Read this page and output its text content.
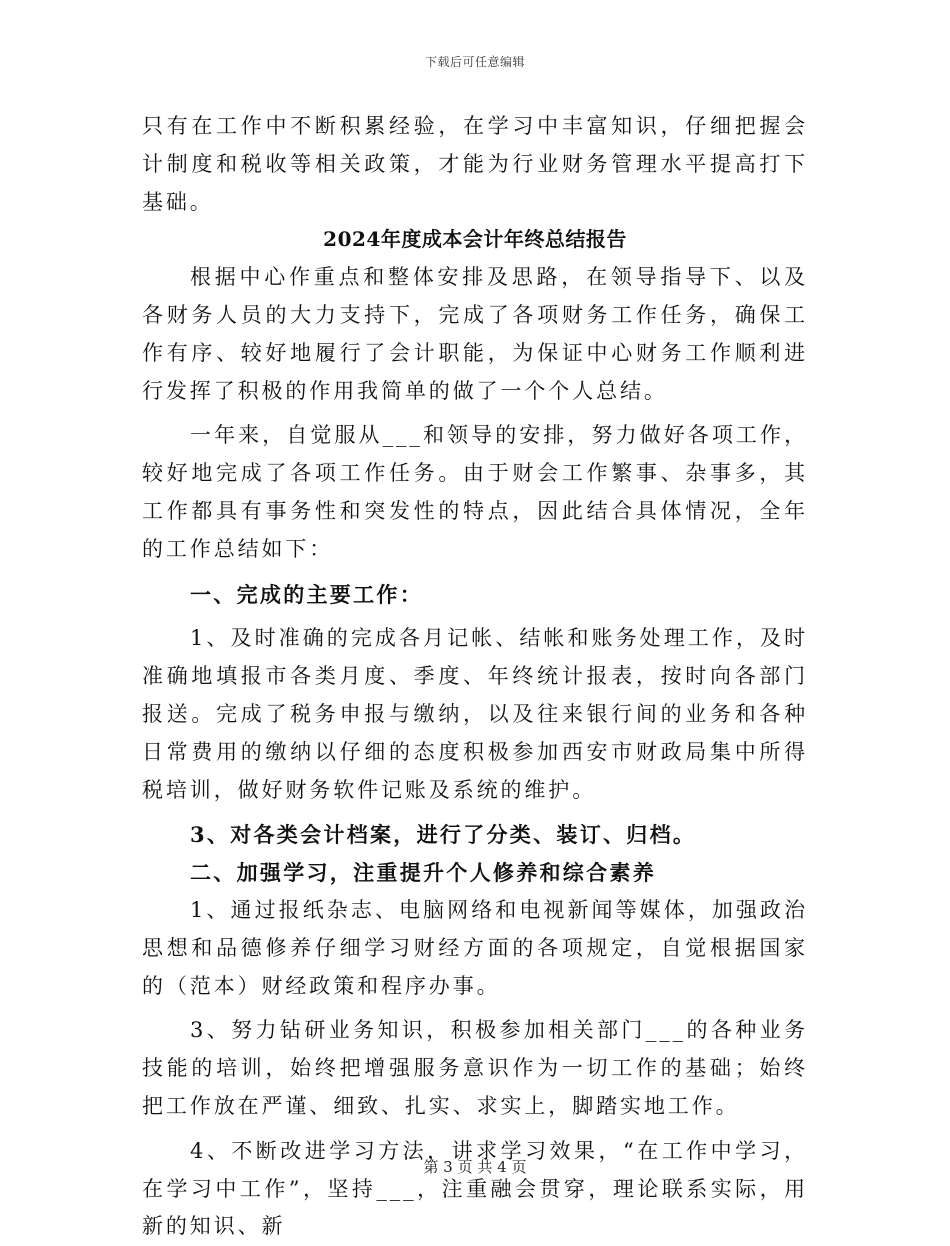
下载后可任意编辑

只有在工作中不断积累经验，在学习中丰富知识，仔细把握会计制度和税收等相关政策，才能为行业财务管理水平提高打下基础。

2024年度成本会计年终总结报告

根据中心作重点和整体安排及思路，在领导指导下、以及各财务人员的大力支持下，完成了各项财务工作任务，确保工作有序、较好地履行了会计职能，为保证中心财务工作顺利进行发挥了积极的作用我简单的做了一个个人总结。

一年来，自觉服从___和领导的安排，努力做好各项工作，较好地完成了各项工作任务。由于财会工作繁事、杂事多，其工作都具有事务性和突发性的特点，因此结合具体情况，全年的工作总结如下：

一、完成的主要工作：

1、及时准确的完成各月记帐、结帐和账务处理工作，及时准确地填报市各类月度、季度、年终统计报表，按时向各部门报送。完成了税务申报与缴纳，以及往来银行间的业务和各种日常费用的缴纳以仔细的态度积极参加西安市财政局集中所得税培训，做好财务软件记账及系统的维护。

3、对各类会计档案，进行了分类、装订、归档。

二、加强学习，注重提升个人修养和综合素养

1、通过报纸杂志、电脑网络和电视新闻等媒体，加强政治思想和品德修养仔细学习财经方面的各项规定，自觉根据国家的（范本）财经政策和程序办事。

3、努力钻研业务知识，积极参加相关部门___的各种业务技能的培训，始终把增强服务意识作为一切工作的基础；始终把工作放在严谨、细致、扎实、求实上，脚踏实地工作。

4、不断改进学习方法，讲求学习效果，“在工作中学习，在学习中工作”，坚持___，注重融会贯穿，理论联系实际，用新的知识、新

第 3 页 共 4 页
